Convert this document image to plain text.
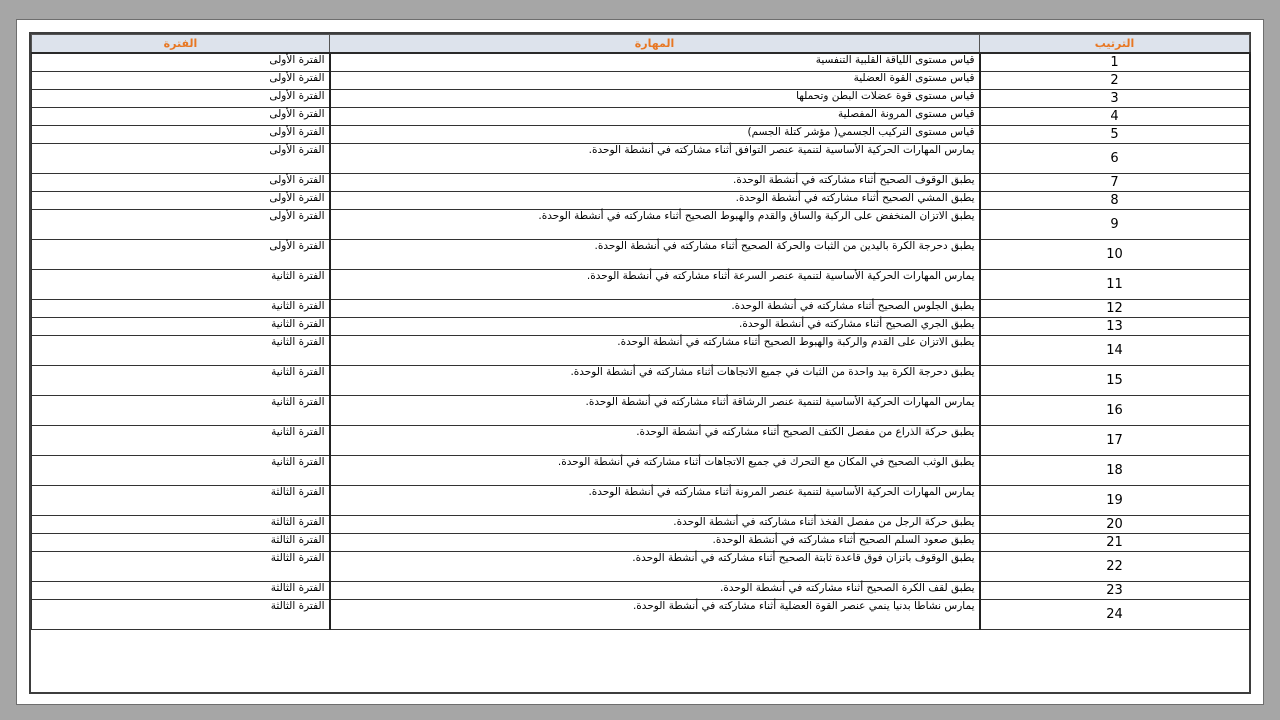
الترتيب	المهارة	الفترة
1	قياس مستوى اللياقة القلبية التنفسية	الفترة الأولى
2	قياس مستوى القوة العضلية	الفترة الأولى
3	قياس مستوى قوة عضلات البطن وتحملها	الفترة الأولى
4	قياس مستوى المرونة المفصلية	الفترة الأولى
5	قياس مستوى التركيب الجسمي( مؤشر كتلة الجسم)	الفترة الأولى
6	يمارس المهارات الحركية الأساسية لتنمية عنصر التوافق أثناء مشاركته في أنشطة الوحدة.	الفترة الأولى
7	يطبق الوقوف الصحيح أثناء مشاركته في أنشطة الوحدة.	الفترة الأولى
8	يطبق المشي الصحيح أثناء مشاركته في أنشطة الوحدة.	الفترة الأولى
9	يطبق الاتزان المنخفض على الركبة والساق والقدم والهبوط الصحيح أثناء مشاركته في أنشطة الوحدة.	الفترة الأولى
10	يطبق دحرجة الكرة باليدين من الثبات والحركة الصحيح أثناء مشاركته في أنشطة الوحدة.	الفترة الأولى
11	يمارس المهارات الحركية الأساسية لتنمية عنصر السرعة أثناء مشاركته في أنشطة الوحدة.	الفترة الثانية
12	يطبق الجلوس الصحيح أثناء مشاركته في أنشطة الوحدة.	الفترة الثانية
13	يطبق الجري الصحيح أثناء مشاركته في أنشطة الوحدة.	الفترة الثانية
14	يطبق الاتزان على القدم والركبة والهبوط الصحيح أثناء مشاركته في أنشطة الوحدة.	الفترة الثانية
15	يطبق دحرجة الكرة بيد واحدة من الثبات في جميع الاتجاهات أثناء مشاركته في أنشطة الوحدة.	الفترة الثانية
16	يمارس المهارات الحركية الأساسية لتنمية عنصر الرشاقة أثناء مشاركته في أنشطة الوحدة.	الفترة الثانية
17	يطبق حركة الذراع من مفصل الكتف الصحيح أثناء مشاركته في أنشطة الوحدة.	الفترة الثانية
18	يطبق الوثب الصحيح في المكان مع التحرك في جميع الاتجاهات أثناء مشاركته في أنشطة الوحدة.	الفترة الثانية
19	يمارس المهارات الحركية الأساسية لتنمية عنصر المرونة أثناء مشاركته في أنشطة الوحدة.	الفترة الثالثة
20	يطبق حركة الرجل من مفصل الفخذ أثناء مشاركته في أنشطة الوحدة.	الفترة الثالثة
21	يطبق صعود السلم الصحيح أثناء مشاركته في أنشطة الوحدة.	الفترة الثالثة
22	يطبق الوقوف باتزان فوق قاعدة ثابتة الصحيح أثناء مشاركته في أنشطة الوحدة.	الفترة الثالثة
23	يطبق لقف الكرة الصحيح أثناء مشاركته في أنشطة الوحدة.	الفترة الثالثة
24	يمارس نشاطا بدنيا ينمي عنصر القوة العضلية أثناء مشاركته في أنشطة الوحدة.	الفترة الثالثة
